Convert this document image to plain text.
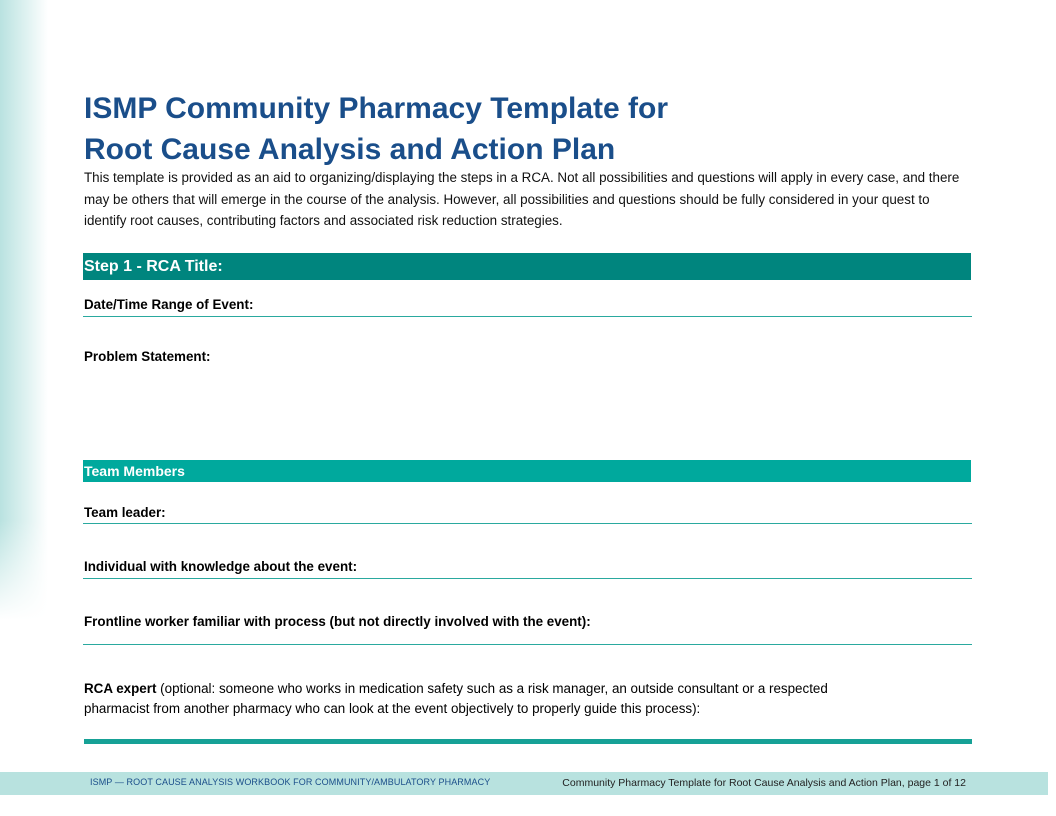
ISMP Community Pharmacy Template for
Root Cause Analysis and Action Plan

This template is provided as an aid to organizing/displaying the steps in a RCA. Not all possibilities and questions will apply in every case, and there may be others that will emerge in the course of the analysis. However, all possibilities and questions should be fully considered in your quest to identify root causes, contributing factors and associated risk reduction strategies.

Step 1 - RCA Title:
Date/Time Range of Event:
Problem Statement:
Team Members
Team leader:
Individual with knowledge about the event:
Frontline worker familiar with process (but not directly involved with the event):

RCA expert (optional: someone who works in medication safety such as a risk manager, an outside consultant or a respected pharmacist from another pharmacy who can look at the event objectively to properly guide this process):

ISMP — ROOT CAUSE ANALYSIS WORKBOOK FOR COMMUNITY/AMBULATORY PHARMACY	Community Pharmacy Template for Root Cause Analysis and Action Plan, page 1 of 12
